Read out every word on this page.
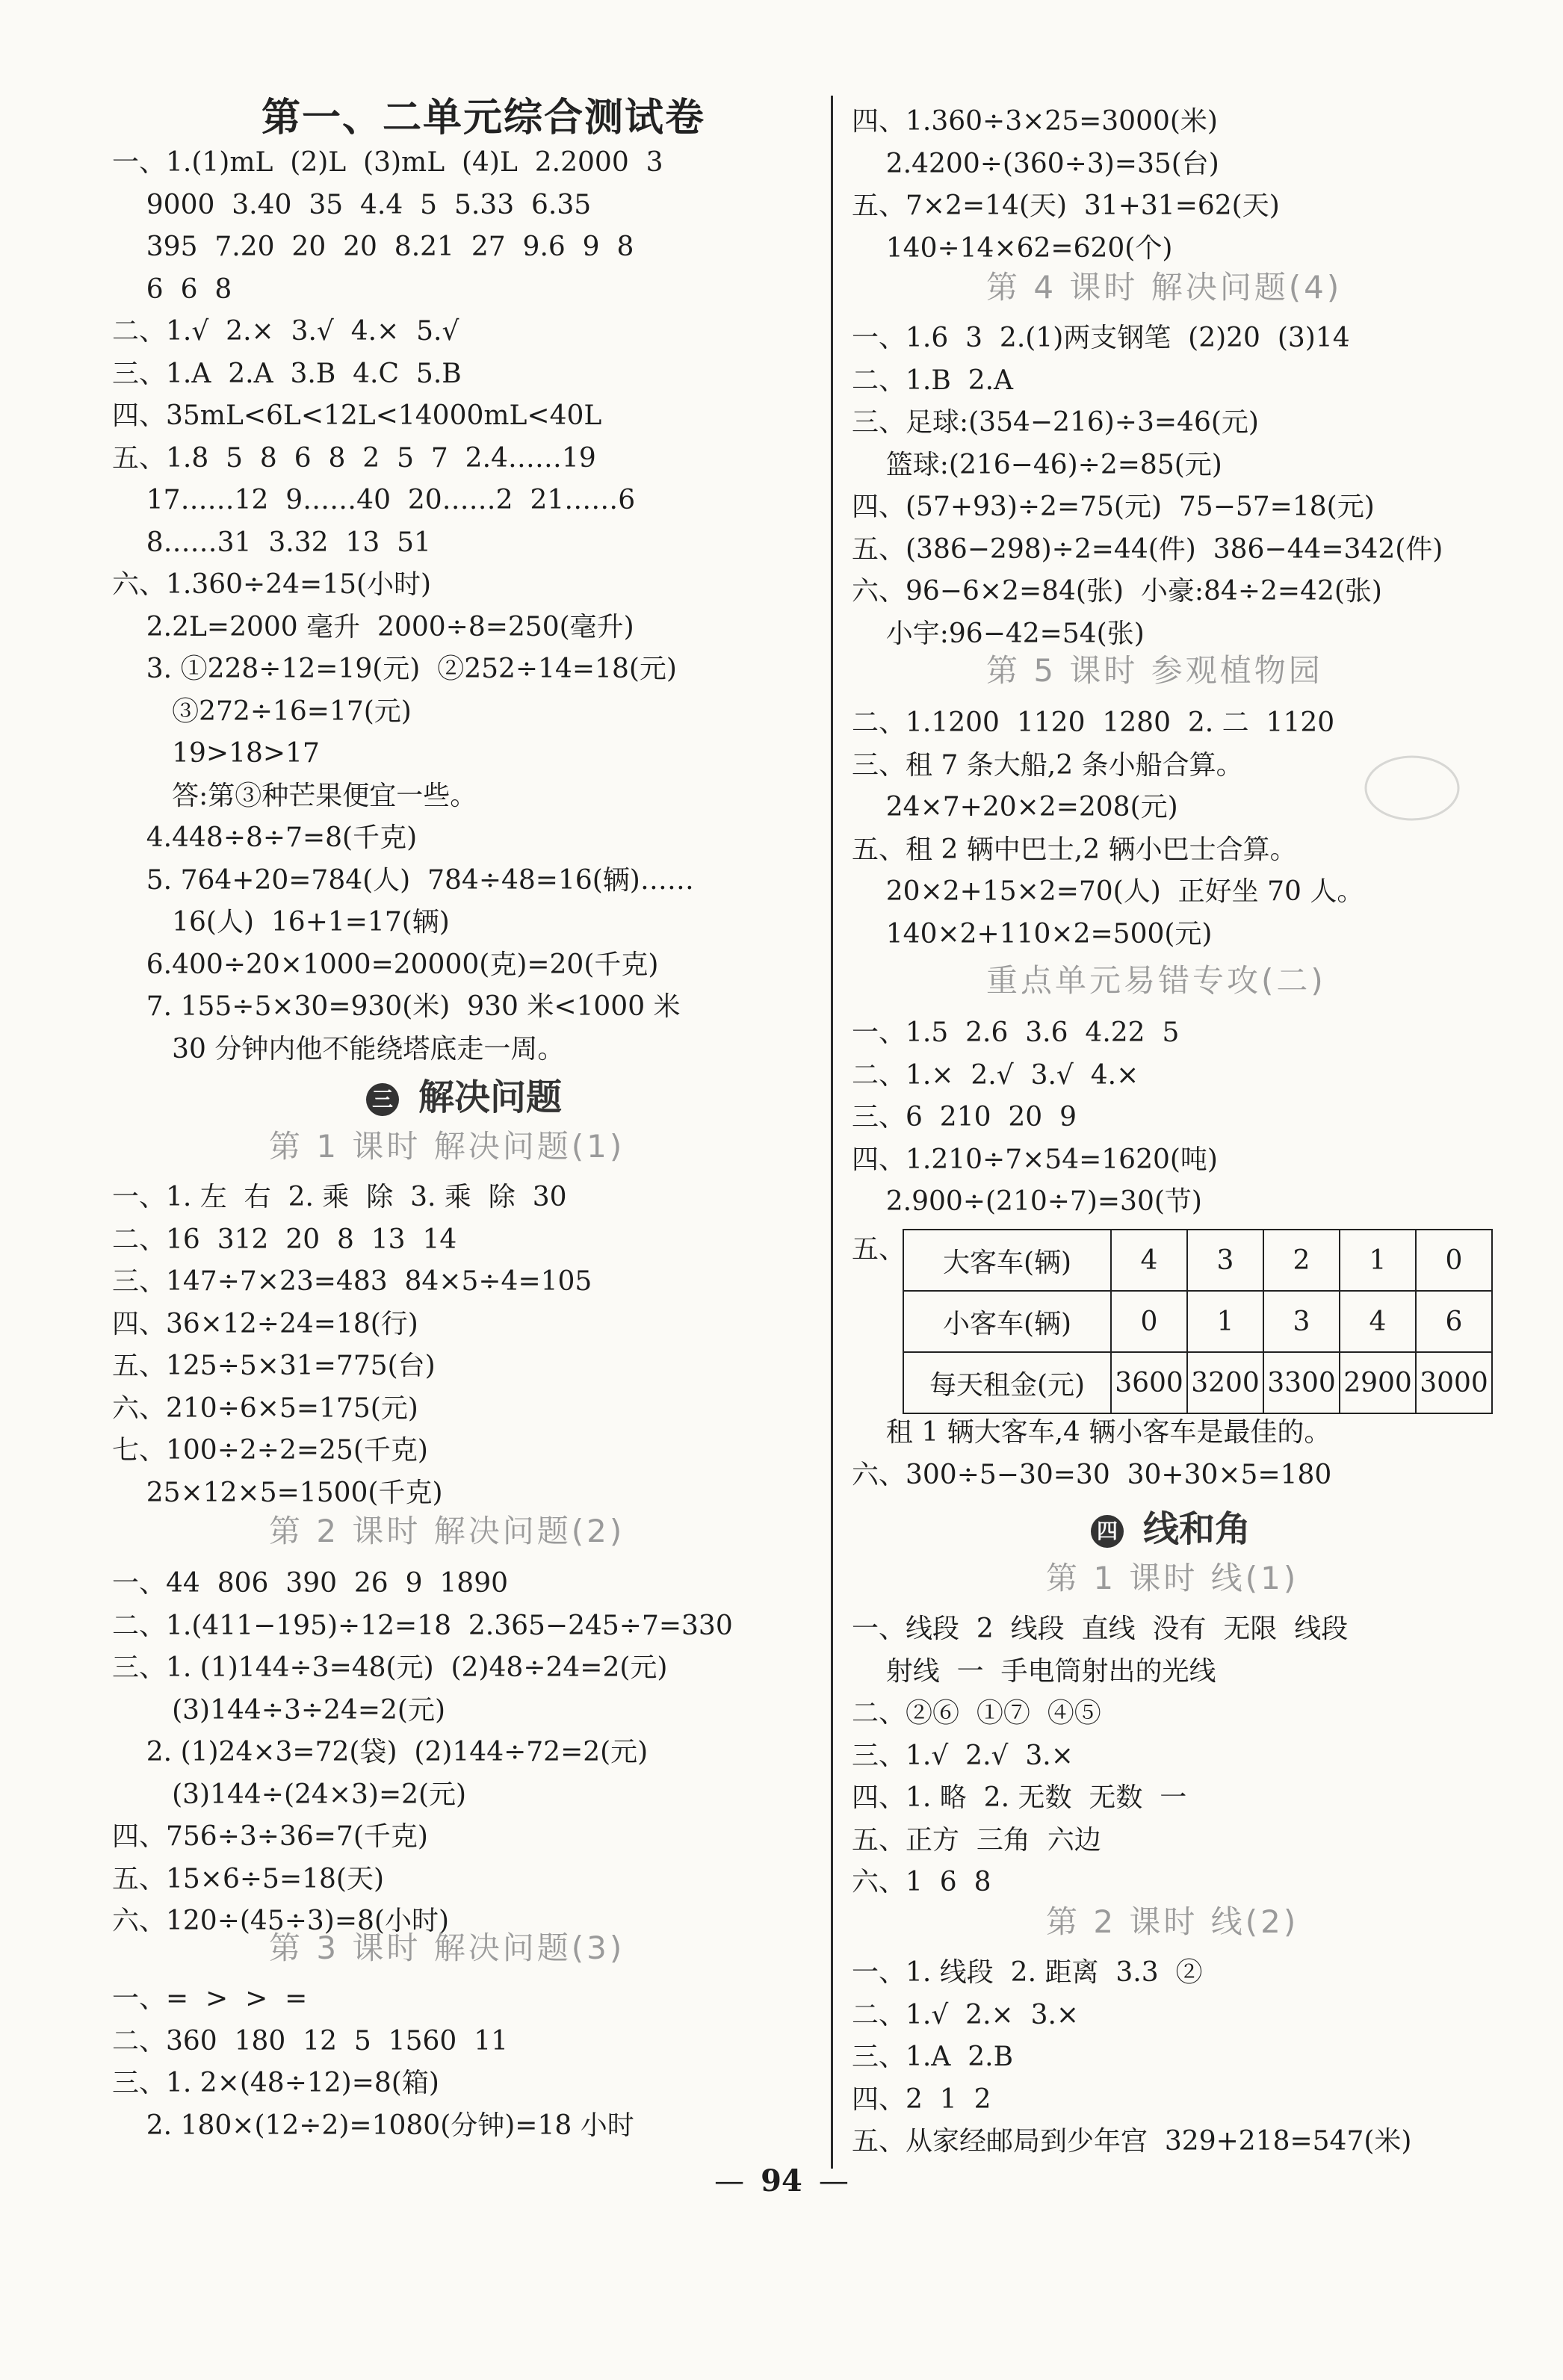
第一、二单元综合测试卷
一、1.(1)mL  (2)L  (3)mL  (4)L  2.2000  3
9000  3.40  35  4.4  5  5.33  6.35
395  7.20  20  20  8.21  27  9.6  9  8
6  6  8
二、1.√  2.×  3.√  4.×  5.√
三、1.A  2.A  3.B  4.C  5.B
四、35mL<6L<12L<14000mL<40L
五、1.8  5  8  6  8  2  5  7  2.4……19
17……12  9……40  20……2  21……6
8……31  3.32  13  51
六、1.360÷24=15(小时)
2.2L=2000 毫升  2000÷8=250(毫升)
3. ①228÷12=19(元)  ②252÷14=18(元)
③272÷16=17(元)
19>18>17
答:第③种芒果便宜一些。
4.448÷8÷7=8(千克)
5. 764+20=784(人)  784÷48=16(辆)……
16(人)  16+1=17(辆)
6.400÷20×1000=20000(克)=20(千克)
7. 155÷5×30=930(米)  930 米<1000 米
30 分钟内他不能绕塔底走一周。
三 解决问题
第 1 课时 解决问题(1)
一、1. 左  右  2. 乘  除  3. 乘  除  30
二、16  312  20  8  13  14
三、147÷7×23=483  84×5÷4=105
四、36×12÷24=18(行)
五、125÷5×31=775(台)
六、210÷6×5=175(元)
七、100÷2÷2=25(千克)
25×12×5=1500(千克)
第 2 课时 解决问题(2)
一、44  806  390  26  9  1890
二、1.(411−195)÷12=18  2.365−245÷7=330
三、1. (1)144÷3=48(元)  (2)48÷24=2(元)
(3)144÷3÷24=2(元)
2. (1)24×3=72(袋)  (2)144÷72=2(元)
(3)144÷(24×3)=2(元)
四、756÷3÷36=7(千克)
五、15×6÷5=18(天)
六、120÷(45÷3)=8(小时)
第 3 课时 解决问题(3)
一、=  >  >  =
二、360  180  12  5  1560  11
三、1. 2×(48÷12)=8(箱)
2. 180×(12÷2)=1080(分钟)=18 小时
四、1.360÷3×25=3000(米)
2.4200÷(360÷3)=35(台)
五、7×2=14(天)  31+31=62(天)
140÷14×62=620(个)
第 4 课时 解决问题(4)
一、1.6  3  2.(1)两支钢笔  (2)20  (3)14
二、1.B  2.A
三、足球:(354−216)÷3=46(元)
篮球:(216−46)÷2=85(元)
四、(57+93)÷2=75(元)  75−57=18(元)
五、(386−298)÷2=44(件)  386−44=342(件)
六、96−6×2=84(张)  小豪:84÷2=42(张)
小宇:96−42=54(张)
第 5 课时 参观植物园
二、1.1200  1120  1280  2. 二  1120
三、租 7 条大船,2 条小船合算。
24×7+20×2=208(元)
五、租 2 辆中巴士,2 辆小巴士合算。
20×2+15×2=70(人)  正好坐 70 人。
140×2+110×2=500(元)
重点单元易错专攻(二)
一、1.5  2.6  3.6  4.22  5
二、1.×  2.√  3.√  4.×
三、6  210  20  9
四、1.210÷7×54=1620(吨)
2.900÷(210÷7)=30(节)
五、 大客车(辆)	4	3	2	1	0
小客车(辆)	0	1	3	4	6
每天租金(元)	3600	3200	3300	2900	3000
租 1 辆大客车,4 辆小客车是最佳的。
六、300÷5−30=30  30+30×5=180
四 线和角
第 1 课时 线(1)
一、线段  2  线段  直线  没有  无限  线段
射线  一  手电筒射出的光线
二、②⑥  ①⑦  ④⑤
三、1.√  2.√  3.×
四、1. 略  2. 无数  无数  一
五、正方  三角  六边
六、1  6  8
第 2 课时 线(2)
一、1. 线段  2. 距离  3.3  ②
二、1.√  2.×  3.×
三、1.A  2.B
四、2  1  2
五、从家经邮局到少年宫  329+218=547(米)
— 94 —
